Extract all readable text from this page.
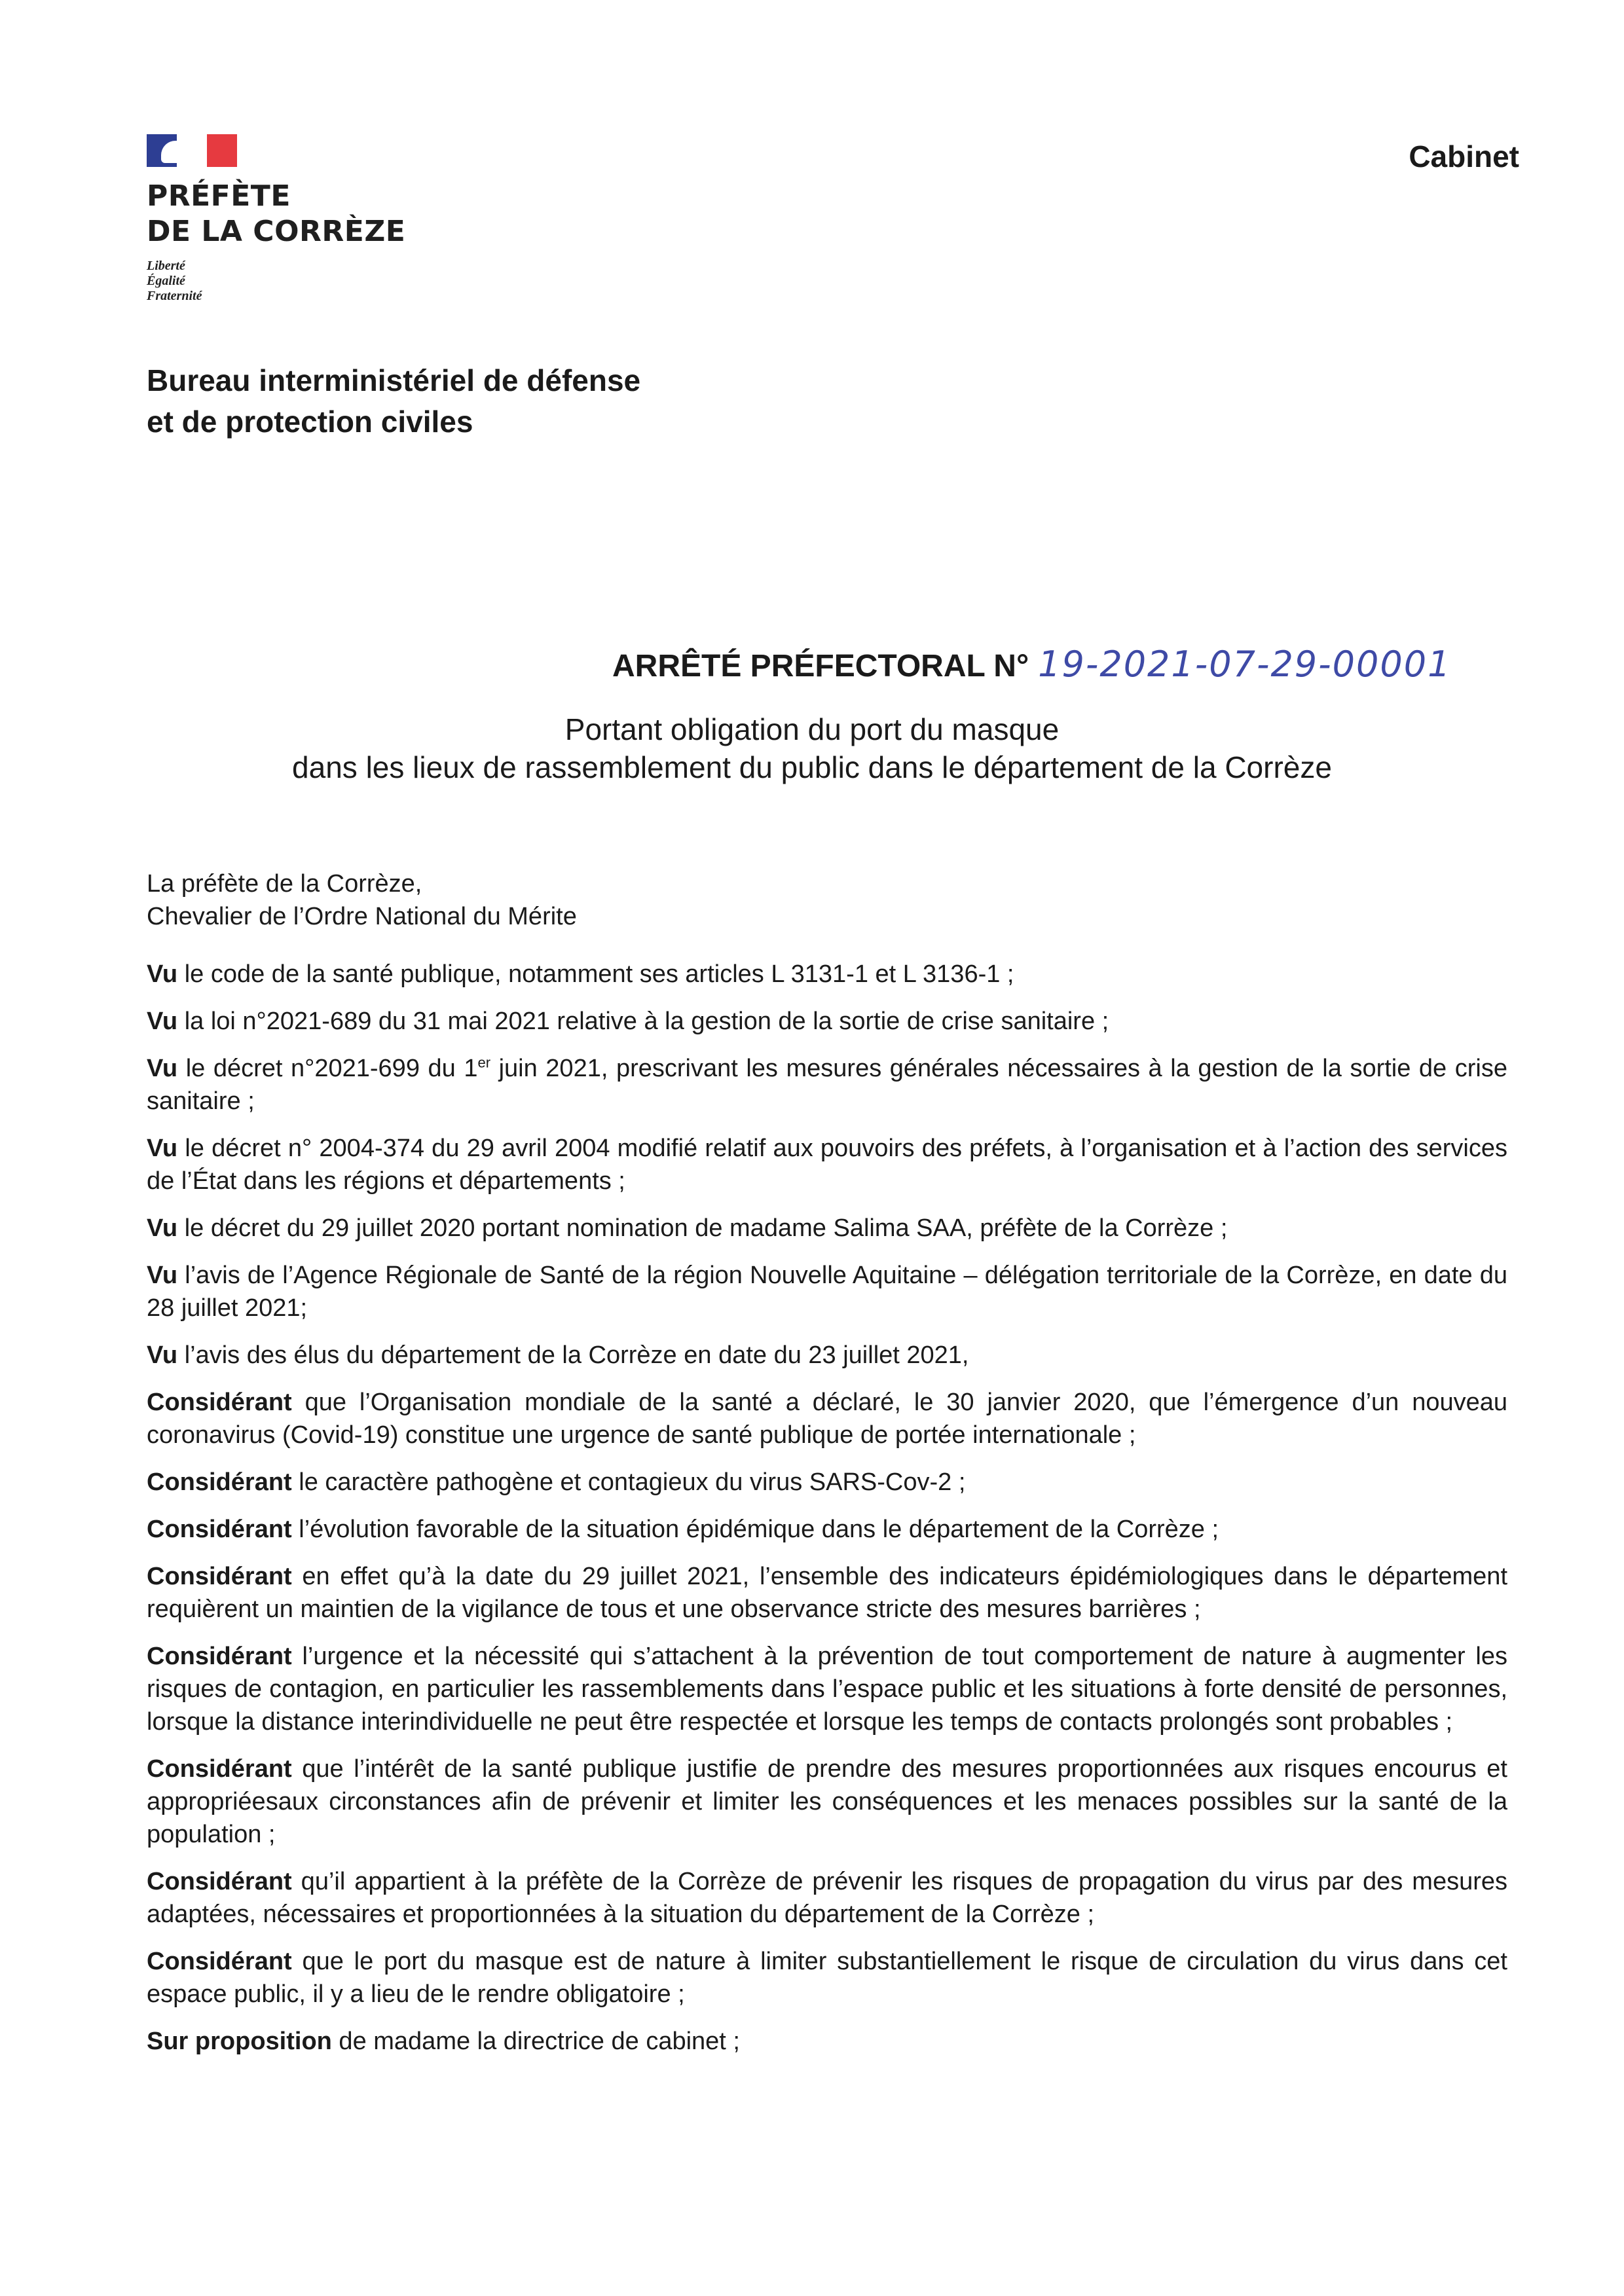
PRÉFÈTE
DE LA CORRÈZE
Liberté
Égalité
Fraternité
Cabinet
Bureau interministériel de défense
et de protection civiles
ARRÊTÉ PRÉFECTORAL N° 19-2021-07-29-00001
Portant obligation du port du masque
dans les lieux de rassemblement du public dans le département de la Corrèze
La préfète de la Corrèze,
Chevalier de l’Ordre National du Mérite

Vu le code de la santé publique, notamment ses articles L 3131-1 et L 3136-1 ;

Vu la loi n°2021-689 du 31 mai 2021 relative à la gestion de la sortie de crise sanitaire ;

Vu le décret n°2021-699 du 1er juin 2021, prescrivant les mesures générales nécessaires à la gestion de la sortie de crise sanitaire ;

Vu le décret n° 2004-374 du 29 avril 2004 modifié relatif aux pouvoirs des préfets, à l’organisation et à l’action des services de l’État dans les régions et départements ;

Vu le décret du 29 juillet 2020 portant nomination de madame Salima SAA, préfète de la Corrèze ;

Vu l’avis de l’Agence Régionale de Santé de la région Nouvelle Aquitaine – délégation territoriale de la Corrèze, en date du 28 juillet 2021;

Vu l’avis des élus du département de la Corrèze en date du 23 juillet 2021,

Considérant que l’Organisation mondiale de la santé a déclaré, le 30 janvier 2020, que l’émergence d’un nouveau coronavirus (Covid-19) constitue une urgence de santé publique de portée internationale ;

Considérant le caractère pathogène et contagieux du virus SARS-Cov-2 ;

Considérant l’évolution favorable de la situation épidémique dans le département de la Corrèze ;

Considérant en effet qu’à la date du 29 juillet 2021, l’ensemble des indicateurs épidémiologiques dans le département requièrent un maintien de la vigilance de tous et une observance stricte des mesures barrières ;

Considérant l’urgence et la nécessité qui s’attachent à la prévention de tout comportement de nature à augmenter les risques de contagion, en particulier les rassemblements dans l’espace public et les situations à forte densité de personnes, lorsque la distance interindividuelle ne peut être respectée et lorsque les temps de contacts prolongés sont probables ;

Considérant que l’intérêt de la santé publique justifie de prendre des mesures proportionnées aux risques encourus et appropriéesaux circonstances afin de prévenir et limiter les conséquences et les menaces possibles sur la santé de la population ;

Considérant qu’il appartient à la préfète de la Corrèze de prévenir les risques de propagation du virus par des mesures adaptées, nécessaires et proportionnées à la situation du département de la Corrèze ;

Considérant que le port du masque est de nature à limiter substantiellement le risque de circulation du virus dans cet espace public, il y a lieu de le rendre obligatoire ;

Sur proposition de madame la directrice de cabinet ;
